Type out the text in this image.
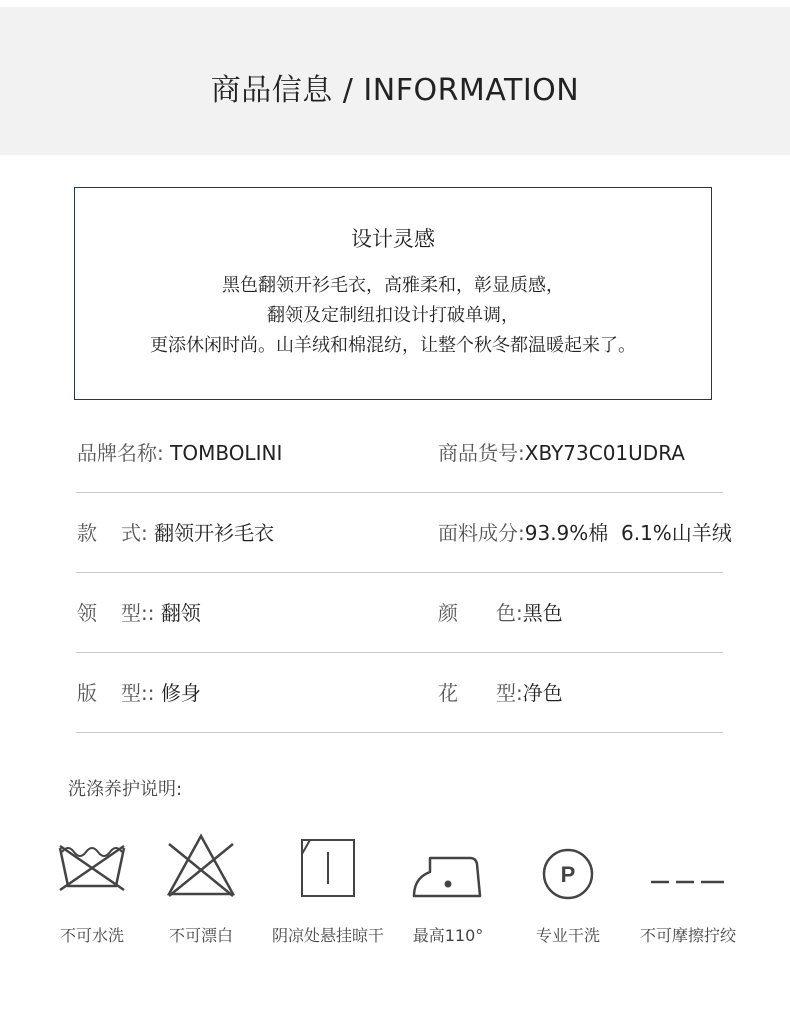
商品信息 / INFORMATION
设计灵感
黑色翻领开衫毛衣，高雅柔和，彰显质感，
翻领及定制纽扣设计打破单调，
更添休闲时尚。山羊绒和棉混纺，让整个秋冬都温暖起来了。
品牌名称: TOMBOLINI	商品货号:XBY73C01UDRA
款 式: 翻领开衫毛衣	面料成分:93.9%棉  6.1%山羊绒
领 型:: 翻领	颜 色:黑色
版 型:: 修身	花 型:净色
洗涤养护说明:
不可水洗	不可漂白	阴凉处悬挂晾干	最高110°
P
专业干洗	不可摩擦拧绞
